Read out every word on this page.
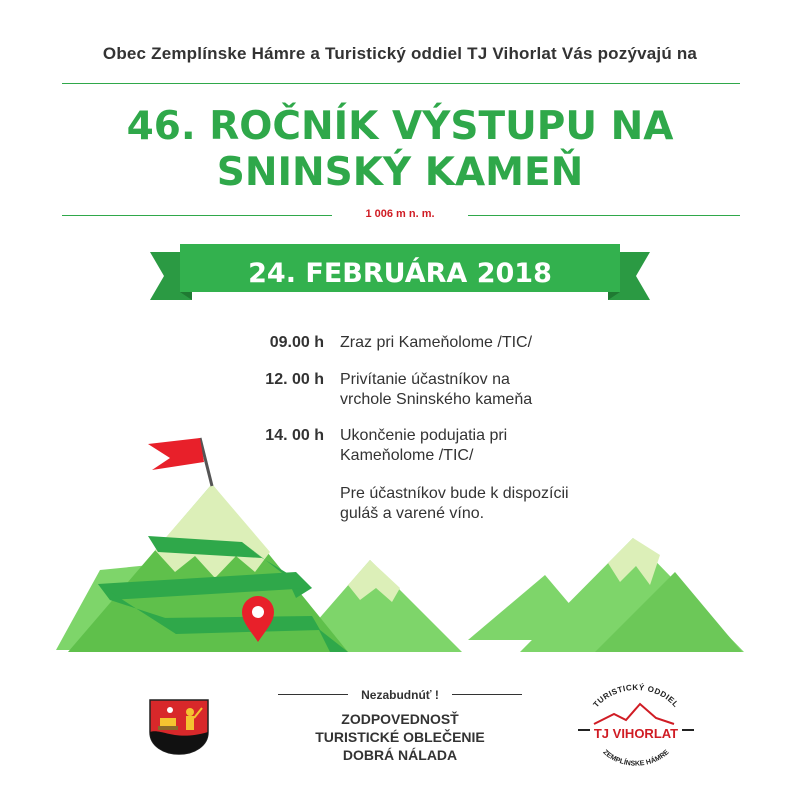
Obec Zemplínske Hámre a Turistický oddiel TJ Vihorlat Vás pozývajú na
46. ROČNÍK VÝSTUPU NA
SNINSKÝ KAMEŇ
1 006 m n. m.
24. FEBRUÁRA 2018
09.00 h Zraz pri Kameňolome /TIC/
12. 00 h Privítanie účastníkov na
vrchole Sninského kameňa
14. 00 h Ukončenie podujatia pri
Kameňolome /TIC/
Pre účastníkov bude k dispozícii
guláš a varené víno.
Nezabudnúť !
ZODPOVEDNOSŤ
TURISTICKÉ OBLEČENIE
DOBRÁ NÁLADA
TURISTICKÝ ODDIEL
TJ VIHORLAT
ZEMPLÍNSKE HÁMRE
